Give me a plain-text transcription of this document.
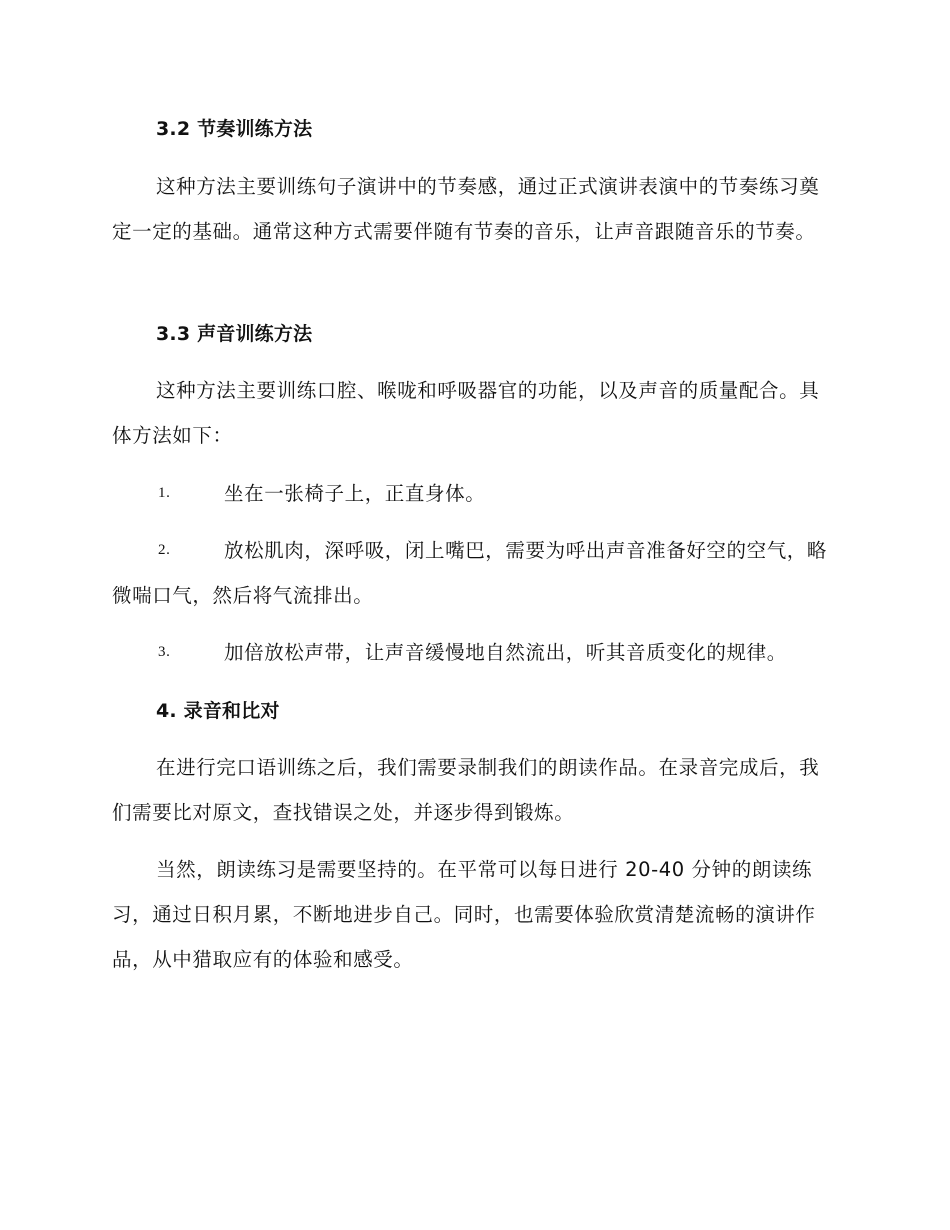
3.2 节奏训练方法

这种方法主要训练句子演讲中的节奏感，通过正式演讲表演中的节奏练习奠定一定的基础。通常这种方式需要伴随有节奏的音乐，让声音跟随音乐的节奏。

3.3 声音训练方法

这种方法主要训练口腔、喉咙和呼吸器官的功能，以及声音的质量配合。具体方法如下：

1.	坐在一张椅子上，正直身体。
2.	放松肌肉，深呼吸，闭上嘴巴，需要为呼出声音准备好空的空气，略微喘口气，然后将气流排出。
3.	加倍放松声带，让声音缓慢地自然流出，听其音质变化的规律。
4. 录音和比对

在进行完口语训练之后，我们需要录制我们的朗读作品。在录音完成后，我们需要比对原文，查找错误之处，并逐步得到锻炼。

当然，朗读练习是需要坚持的。在平常可以每日进行 20-40 分钟的朗读练习，通过日积月累，不断地进步自己。同时，也需要体验欣赏清楚流畅的演讲作品，从中猎取应有的体验和感受。
